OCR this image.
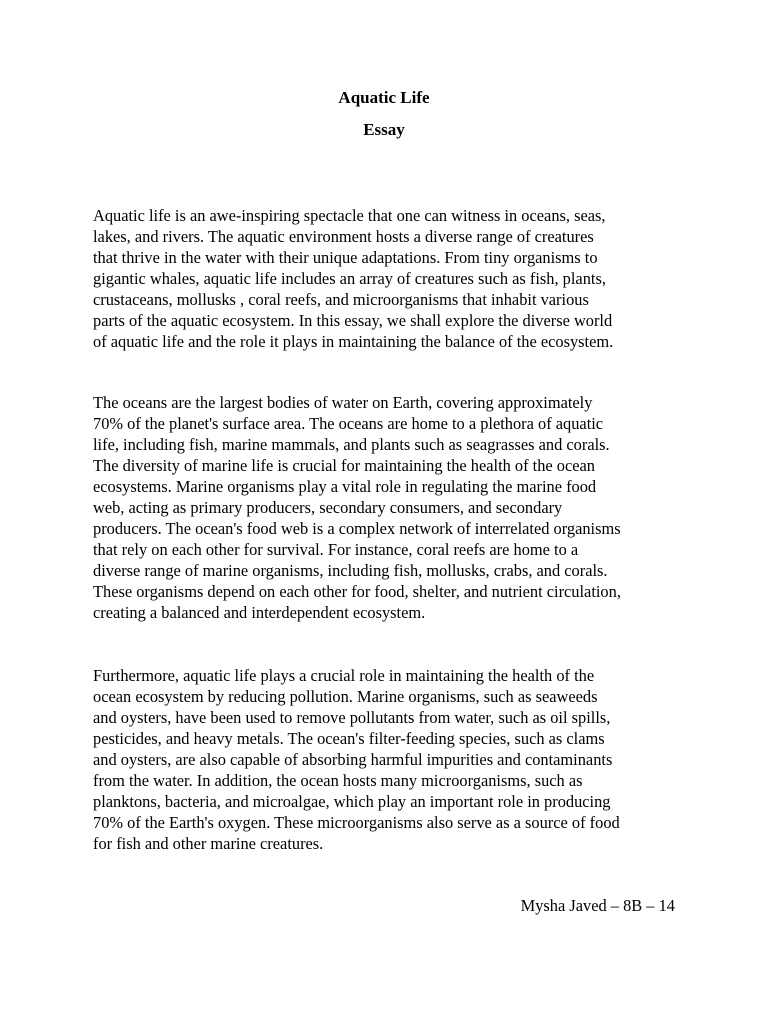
Aquatic Life
Essay

Aquatic life is an awe-inspiring spectacle that one can witness in oceans, seas,
lakes, and rivers. The aquatic environment hosts a diverse range of creatures
that thrive in the water with their unique adaptations. From tiny organisms to
gigantic whales, aquatic life includes an array of creatures such as fish, plants,
crustaceans, mollusks , coral reefs, and microorganisms that inhabit various
parts of the aquatic ecosystem. In this essay, we shall explore the diverse world
of aquatic life and the role it plays in maintaining the balance of the ecosystem.

The oceans are the largest bodies of water on Earth, covering approximately
70% of the planet's surface area. The oceans are home to a plethora of aquatic
life, including fish, marine mammals, and plants such as seagrasses and corals.
The diversity of marine life is crucial for maintaining the health of the ocean
ecosystems. Marine organisms play a vital role in regulating the marine food
web, acting as primary producers, secondary consumers, and secondary
producers. The ocean's food web is a complex network of interrelated organisms
that rely on each other for survival. For instance, coral reefs are home to a
diverse range of marine organisms, including fish, mollusks, crabs, and corals.
These organisms depend on each other for food, shelter, and nutrient circulation,
creating a balanced and interdependent ecosystem.

Furthermore, aquatic life plays a crucial role in maintaining the health of the
ocean ecosystem by reducing pollution. Marine organisms, such as seaweeds
and oysters, have been used to remove pollutants from water, such as oil spills,
pesticides, and heavy metals. The ocean's filter-feeding species, such as clams
and oysters, are also capable of absorbing harmful impurities and contaminants
from the water. In addition, the ocean hosts many microorganisms, such as
planktons, bacteria, and microalgae, which play an important role in producing
70% of the Earth's oxygen. These microorganisms also serve as a source of food
for fish and other marine creatures.

Mysha Javed – 8B – 14
